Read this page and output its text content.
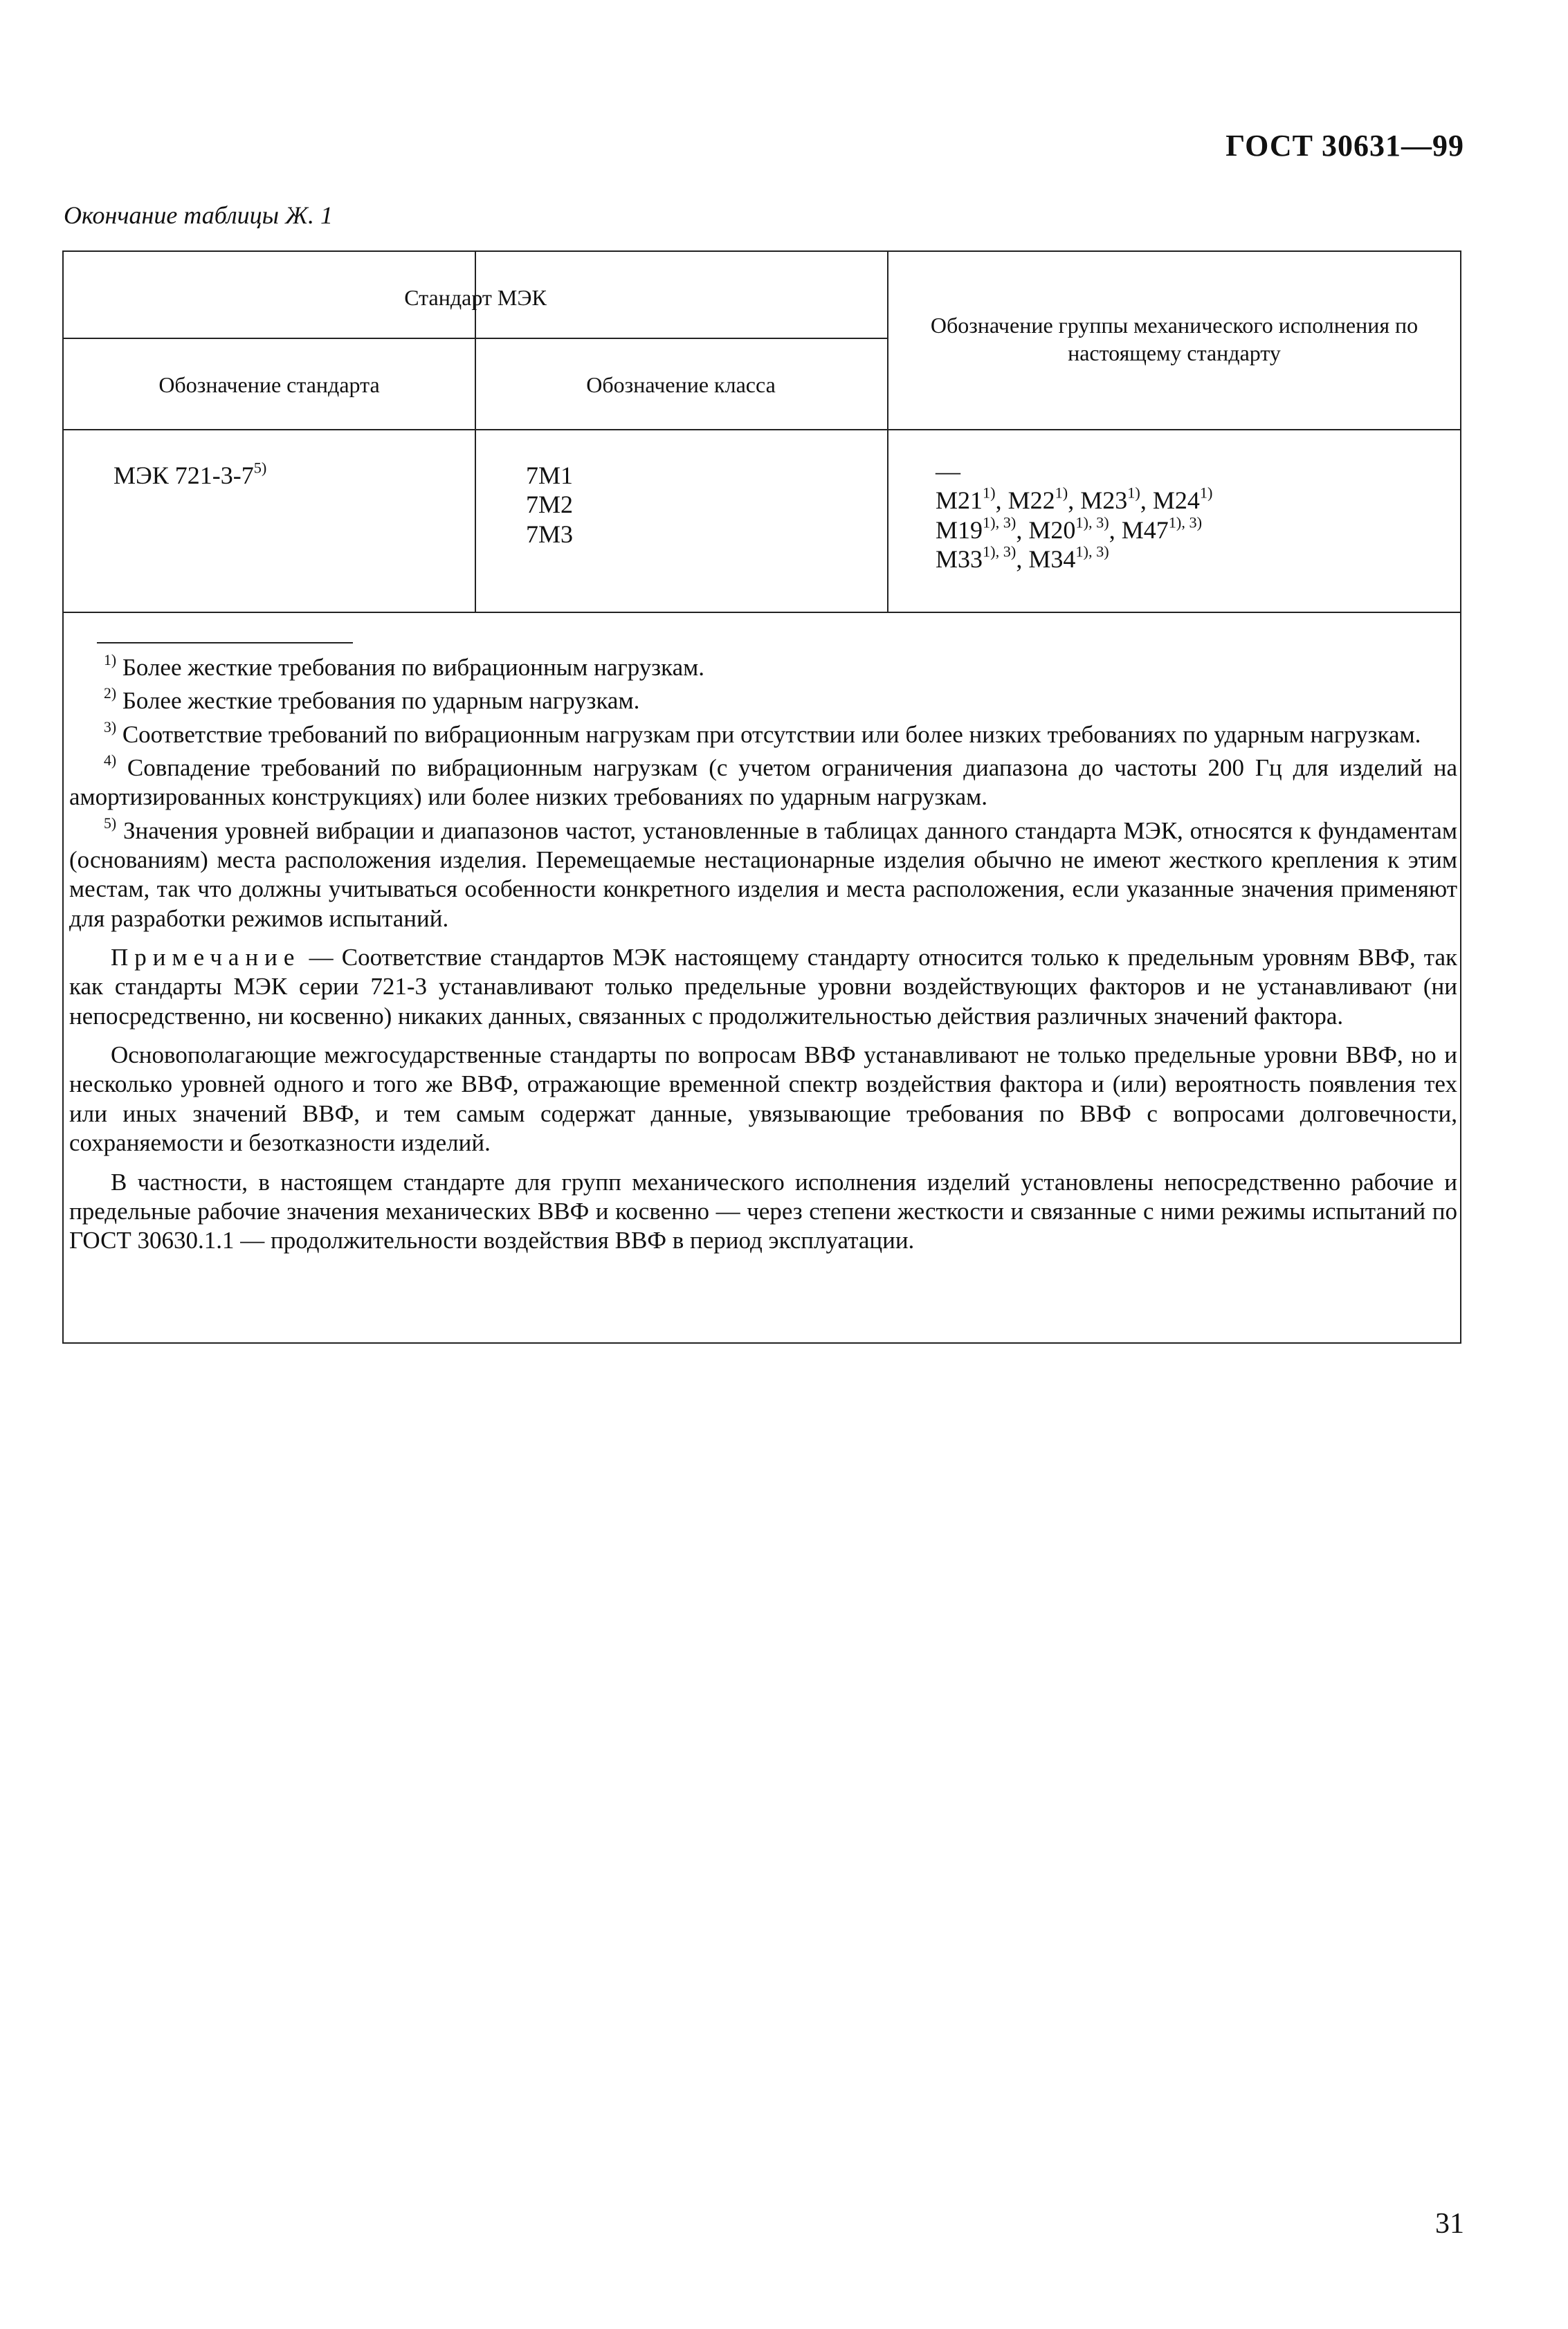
ГОСТ 30631—99
Окончание таблицы Ж. 1
Стандарт МЭК
Обозначение стандарта	Обозначение класса
Обозначение группы механического исполнения по настоящему стандарту
МЭК 721-3-7$^{5)}$	7M1
7M2
7M3
—
М21$^{1)}$, М22$^{1)}$, М23$^{1)}$, М24$^{1)}$
$М19^{1), 3)}$, $М20^{1), 3)}$, $М47^{1), 3)}$
$М33^{1), 3)}$, $М34^{1), 3)}$

$^{1)}$ Более жесткие требования по вибрационным нагрузкам.

$^{2)}$ Более жесткие требования по ударным нагрузкам.

$^{3)}$ Соответствие требований по вибрационным нагрузкам при отсутствии или более низких требованиях по ударным нагрузкам.

$^{4)}$ Совпадение требований по вибрационным нагрузкам (с учетом ограничения диапазона до частоты 200 Гц для изделий на амортизированных конструкциях) или более низких требованиях по ударным нагрузкам.

$^{5)}$ Значения уровней вибрации и диапазонов частот, установленные в таблицах данного стандарта МЭК, относятся к фундаментам (основаниям) места расположения изделия. Перемещаемые нестационарные изделия обычно не имеют жесткого крепления к этим местам, так что должны учитываться особенности конкретного изделия и места расположения, если указанные значения применяют для разработки режимов испытаний.

Примечание — Соответствие стандартов МЭК настоящему стандарту относится только к предельным уровням ВВФ, так как стандарты МЭК серии 721-3 устанавливают только предельные уровни воздействующих факторов и не устанавливают (ни непосредственно, ни косвенно) никаких данных, связанных с продолжительностью действия различных значений фактора.

Основополагающие межгосударственные стандарты по вопросам ВВФ устанавливают не только предельные уровни ВВФ, но и несколько уровней одного и того же ВВФ, отражающие временной спектр воздействия фактора и (или) вероятность появления тех или иных значений ВВФ, и тем самым содержат данные, увязывающие требования по ВВФ с вопросами долговечности, сохраняемости и безотказности изделий.

В частности, в настоящем стандарте для групп механического исполнения изделий установлены непосредственно рабочие и предельные рабочие значения механических ВВФ и косвенно — через степени жесткости и связанные с ними режимы испытаний по ГОСТ 30630.1.1 — продолжительности воздействия ВВФ в период эксплуатации.

31
